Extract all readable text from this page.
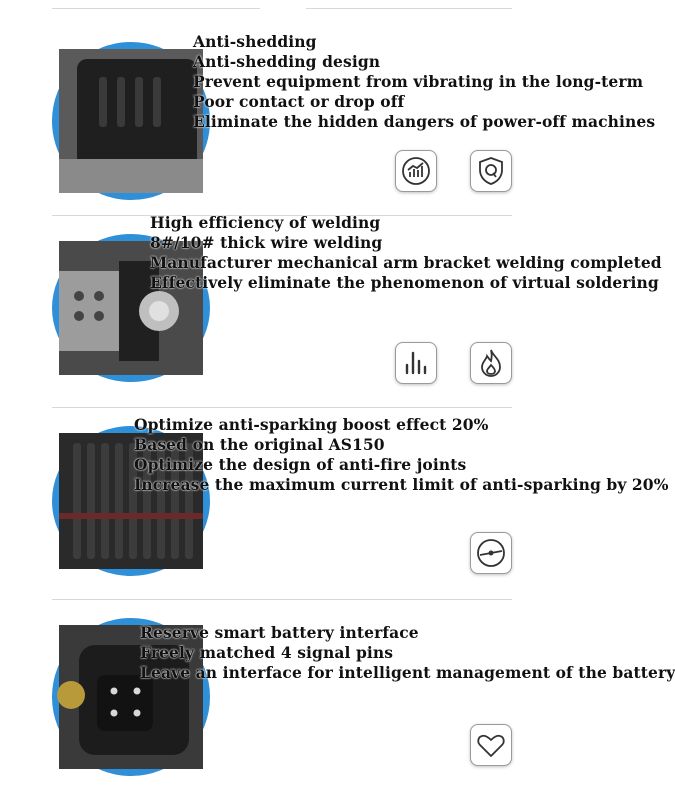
Anti-shedding
Anti-shedding design
Prevent equipment from vibrating in the long-term
Poor contact or drop off
Eliminate the hidden dangers of power-off machines
High efficiency of welding
8#/10# thick wire welding
Manufacturer mechanical arm bracket welding completed
Effectively eliminate the phenomenon of virtual soldering
Optimize anti-sparking boost effect 20%
Based on the original AS150
Optimize the design of anti-fire joints
Increase the maximum current limit of anti-sparking by 20%
Reserve smart battery interface
Freely matched 4 signal pins
Leave an interface for intelligent management of the battery
